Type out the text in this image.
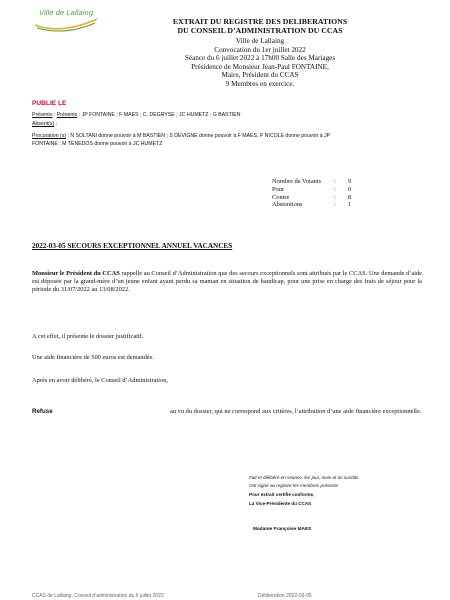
Ville de Lallaing
EXTRAIT DU REGISTRE DES DELIBERATIONS
DU CONSEIL D’ADMINISTRATION DU CCAS
Ville de Lallaing
Convocation du 1er juillet 2022
Séance du 6 juillet 2022 à 17h00 Salle des Mariages
Présidence de Monsieur Jean-Paul FONTAINE,
Maire, Président du CCAS
9 Membres en exercice.
PUBLIE LE
Présents : Présents : JP FONTAINE ; F MAES ; C. DEGRYSE ; JC HUMETZ ; G BASTIEN
Absent(s) :
Procuration (s) : N SOLTANI donne pouvoir à M BASTIEN ; S DEVIGNE donne pouvoir à F MAES, P NICOLE donne pouvoir à JP
FONTAINE ; M TENEDOS donne pouvoir à JC HUMETZ
Nombre de Votants	:	9
Pour	:	0
Contre	:	8
Abstentions	:	1
2022-03-05 SECOURS EXCEPTIONNEL ANNUEL VACANCES
Monsieur le Président du CCAS rappelle au Conseil d’Administration que des secours exceptionnels sont attribués par le CCAS. Une demande d’aide est déposée par la grand-mère d’un jeune enfant ayant perdu sa maman en situation de handicap, pour une prise en charge des frais de séjour pour la période du 31/07/2022 au 13/08/2022.
A cet effet, il présente le dossier justificatif.
Une aide financière de 500 euros est demandée.
Après en avoir délibéré, le Conseil d’Administration,
Refuse	au vu du dossier, qui ne correspond aux critères, l’attribution d’une aide financière exceptionnelle.
Fait et délibéré en séance, les jour, mois et an susdits
Ont signé au registre les membres présents
Pour extrait certifié conforme,
La Vice-Présidente du CCAS
Madame Françoise MAES
CCAS de Lallaing. Conseil d’administration du 6 juillet 2022	Délibération 2022-03-05
